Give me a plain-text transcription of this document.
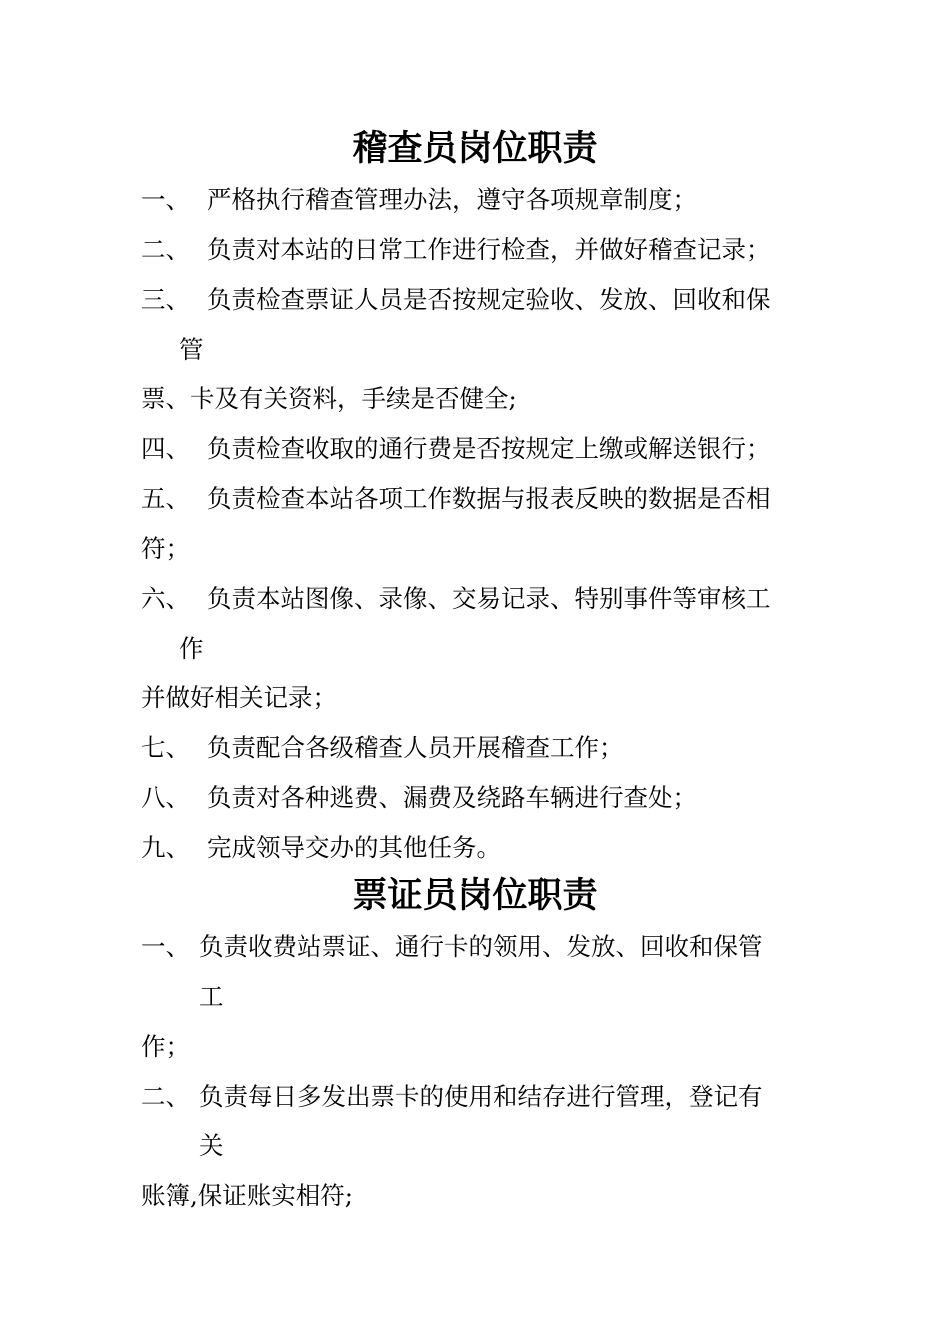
稽查员岗位职责
一、 严格执行稽查管理办法，遵守各项规章制度；
二、 负责对本站的日常工作进行检查，并做好稽查记录；
三、 负责检查票证人员是否按规定验收、发放、回收和保
管
票、卡及有关资料，手续是否健全;
四、 负责检查收取的通行费是否按规定上缴或解送银行；
五、 负责检查本站各项工作数据与报表反映的数据是否相
符；
六、 负责本站图像、录像、交易记录、特别事件等审核工
作
并做好相关记录；
七、 负责配合各级稽查人员开展稽查工作；
八、 负责对各种逃费、漏费及绕路车辆进行查处；
九、 完成领导交办的其他任务。
票证员岗位职责
一、 负责收费站票证、通行卡的领用、发放、回收和保管
工
作；
二、 负责每日多发出票卡的使用和结存进行管理，登记有
关
账簿,保证账实相符;
